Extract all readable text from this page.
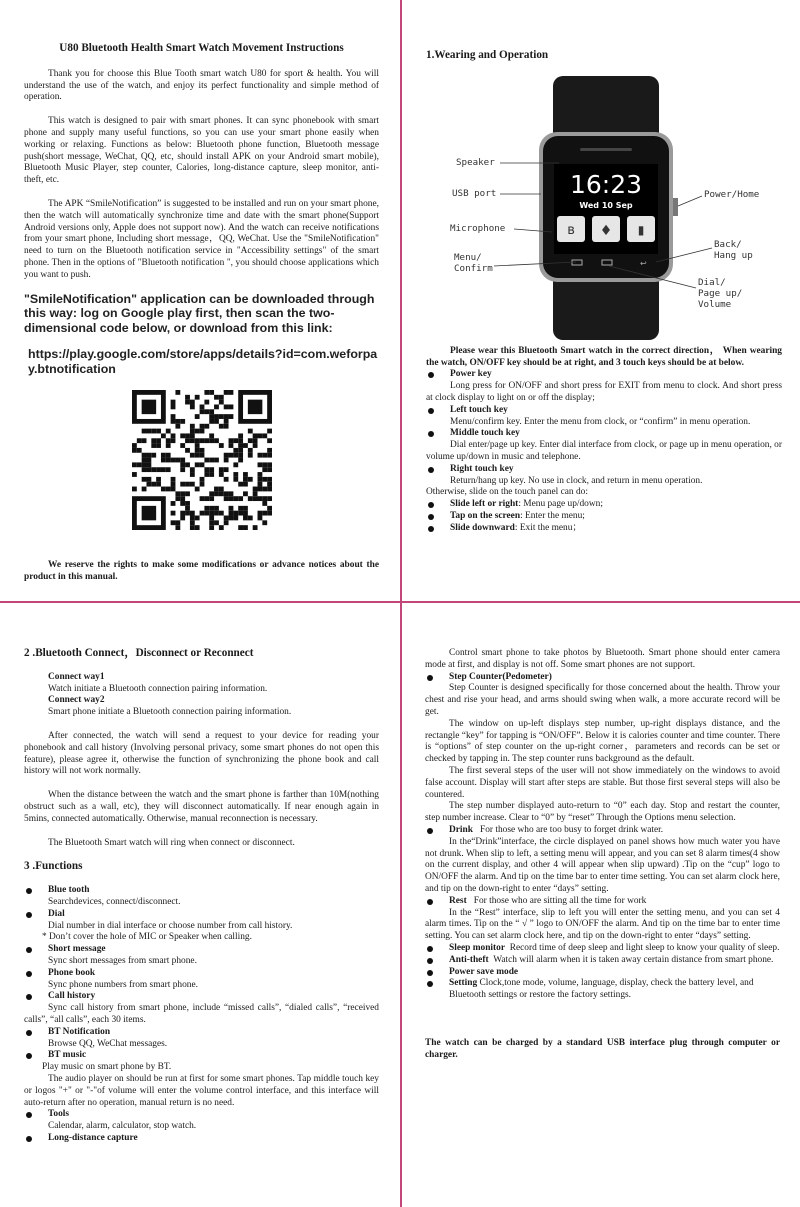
U80 Bluetooth Health Smart Watch Movement Instructions

Thank you for choose this Blue Tooth smart watch U80 for sport & health. You will understand the use of the watch, and enjoy its perfect functionality and simple method of operation.

This watch is designed to pair with smart phones. It can sync phonebook with smart phone and supply many useful functions, so you can use your smart phone easily when working or relaxing. Functions as below: Bluetooth phone function, Bluetooth message push(short message, WeChat, QQ, etc, should install APK on your Android smart mobile), Bluetooth Music Player, step counter, Calories, long-distance capture, sleep monitor, anti-theft, etc.

The APK “SmileNotification” is suggested to be installed and run on your smart phone, then the watch will automatically synchronize time and date with the smart phone(Support Android versions only, Apple does not support now). And the watch can receive notifications from your smart phone, Including short message，QQ, WeChat. Use the "SmileNotification" need to turn on the Bluetooth notification service in "Accessibility settings" of the smart phone. Then in the options of "Bluetooth notification ", you should choose applications which you want to push.

"SmileNotification" application can be downloaded through this way: log on Google play first, then scan the two-dimensional code below, or download from this link:

https://play.google.com/store/apps/details?id=com.weforpay.btnotification

We reserve the rights to make some modifications or advance notices about the product in this manual.

1.Wearing and Operation

ʙ ♦ ▮
↩
16:23
Wed 10 Sep
Speaker
USB port
Microphone
Menu/
Confirm
Power/Home
Back/
Hang up
Dial/
Page up/
Volume

Please wear this Bluetooth Smart watch in the correct direction， When wearing the watch, ON/OFF key should be at right, and 3 touch keys should be at below.

Power key

Long press for ON/OFF and short press for EXIT from menu to clock. And short press at clock display to light on or off the display;

Left touch key

Menu/confirm key. Enter the menu from clock, or “confirm” in menu operation.

Middle touch key

Dial enter/page up key. Enter dial interface from clock, or page up in menu operation, or volume up/down in music and telephone.

Right touch key

Return/hang up key. No use in clock, and return in menu operation.

Otherwise, slide on the touch panel can do:

Slide left or right: Menu page up/down;
Tap on the screen: Enter the menu;
Slide downward: Exit the menu；

2 .Bluetooth Connect，Disconnect or Reconnect

Connect way1

Watch initiate a Bluetooth connection pairing information.

Connect way2

Smart phone initiate a Bluetooth connection pairing information.

After connected, the watch will send a request to your device for reading your phonebook and call history (Involving personal privacy, some smart phones do not open this feature), please agree it, otherwise the function of synchronizing the phone book and call history will not work normally.

When the distance between the watch and the smart phone is farther than 10M(nothing obstruct such as a wall, etc), they will disconnect automatically. If near enough again in 5mins, connected automatically. Otherwise, manual reconnection is necessary.

The Bluetooth Smart watch will ring when connect or disconnect.

3 .Functions

Blue tooth

Searchdevices, connect/disconnect.

Dial

Dial number in dial interface or choose number from call history.

* Don’t cover the hole of MIC or Speaker when calling.

Short message

Sync short messages from smart phone.

Phone book

Sync phone numbers from smart phone.

Call history

Sync call history from smart phone, include “missed calls”, “dialed calls”, “received calls”, “all calls”, each 30 items.

BT Notification

Browse QQ, WeChat messages.

BT music

Play music on smart phone by BT.

The audio player on should be run at first for some smart phones. Tap middle touch key or logos "+" or "-"of volume will enter the volume control interface, and this interface will auto-return after no operation, manual return is no need.

Tools

Calendar, alarm, calculator, stop watch.

Long-distance capture

Control smart phone to take photos by Bluetooth. Smart phone should enter camera mode at first, and display is not off. Some smart phones are not support.

Step Counter(Pedometer)

Step Counter is designed specifically for those concerned about the health. Throw your chest and rise your head, and arms should swing when walk, a more accurate record will be get.

The window on up-left displays step number, up-right displays distance, and the rectangle “key” for tapping is “ON/OFF”. Below it is calories counter and time counter. There is “options” of step counter on the up-right corner，parameters and records can be set or checked by tapping in. The step counter runs background as the default.

The first several steps of the user will not show immediately on the windows to avoid false account. Display will start after steps are stable. But those first several steps will also be countered.

The step number displayed auto-return to “0” each day. Stop and restart the counter, step number increase. Clear to “0” by “reset” Through the Options menu selection.

Drink For those who are too busy to forget drink water.

In the“Drink”interface, the circle displayed on panel shows how much water you have not drunk. When slip to left, a setting menu will appear, and you can set 8 alarm times(4 show on the current display, and other 4 will appear when slip upward) .Tip on the “cup” logo to ON/OFF the alarm. And tip on the time bar to enter time setting. You can set alarm clock here, and tip on the down-right to enter “days” setting.

Rest For those who are sitting all the time for work

In the “Rest” interface, slip to left you will enter the setting menu, and you can set 4 alarm times. Tip on the “ √ ” logo to ON/OFF the alarm. And tip on the time bar to enter time setting. You can set alarm clock here, and tip on the down-right to enter “days” setting.

Sleep monitor Record time of deep sleep and light sleep to know your quality of sleep.
Anti-theft Watch will alarm when it is taken away certain distance from smart phone.
Power save mode
Setting Clock,tone mode, volume, language, display, check the battery level, and Bluetooth settings or restore the factory settings.

The watch can be charged by a standard USB interface plug through computer or charger.
